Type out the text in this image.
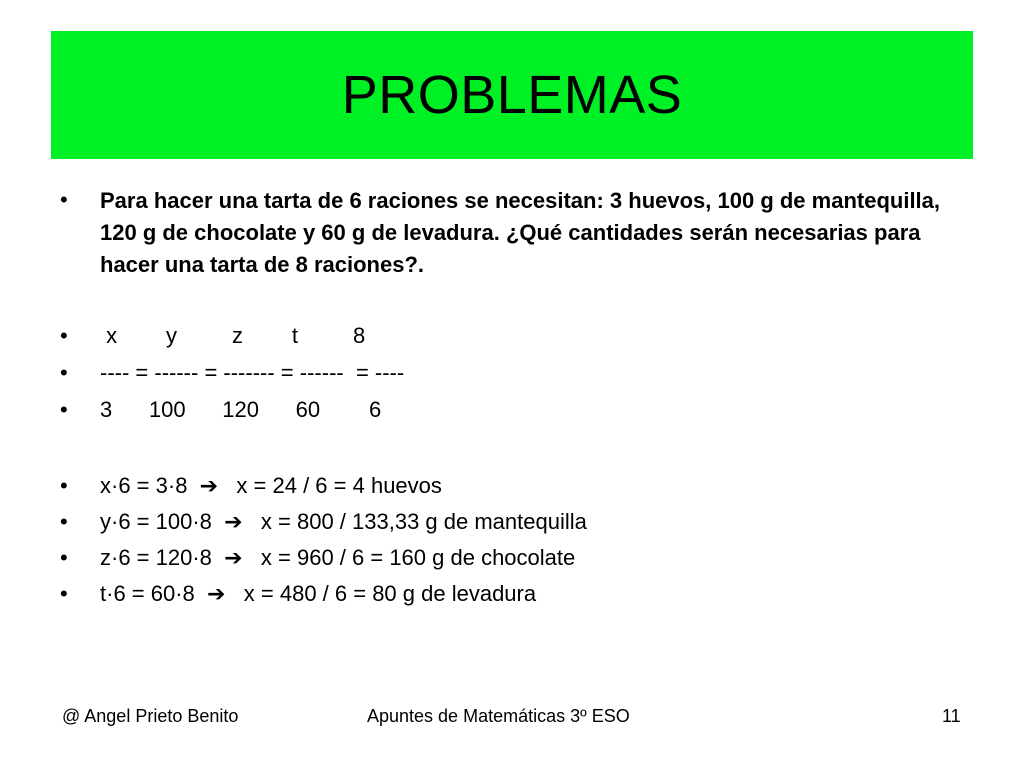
PROBLEMAS
• Para hacer una tarta de 6 raciones se necesitan: 3 huevos, 100 g de mantequilla, 120 g de chocolate y 60 g de levadura. ¿Qué cantidades serán necesarias para hacer una tarta de 8 raciones?.
• x        y         z        t         8
• ---- = ------ = ------- = ------  = ----
• 3      100      120      60        6
• x·6 = 3·8  ➔   x = 24 / 6 = 4 huevos
• y·6 = 100·8  ➔   x = 800 / 133,33 g de mantequilla
• z·6 = 120·8  ➔   x = 960 / 6 = 160 g de chocolate
• t·6 = 60·8  ➔   x = 480 / 6 = 80 g de levadura
@ Angel Prieto Benito	Apuntes de Matemáticas 3º ESO	11
